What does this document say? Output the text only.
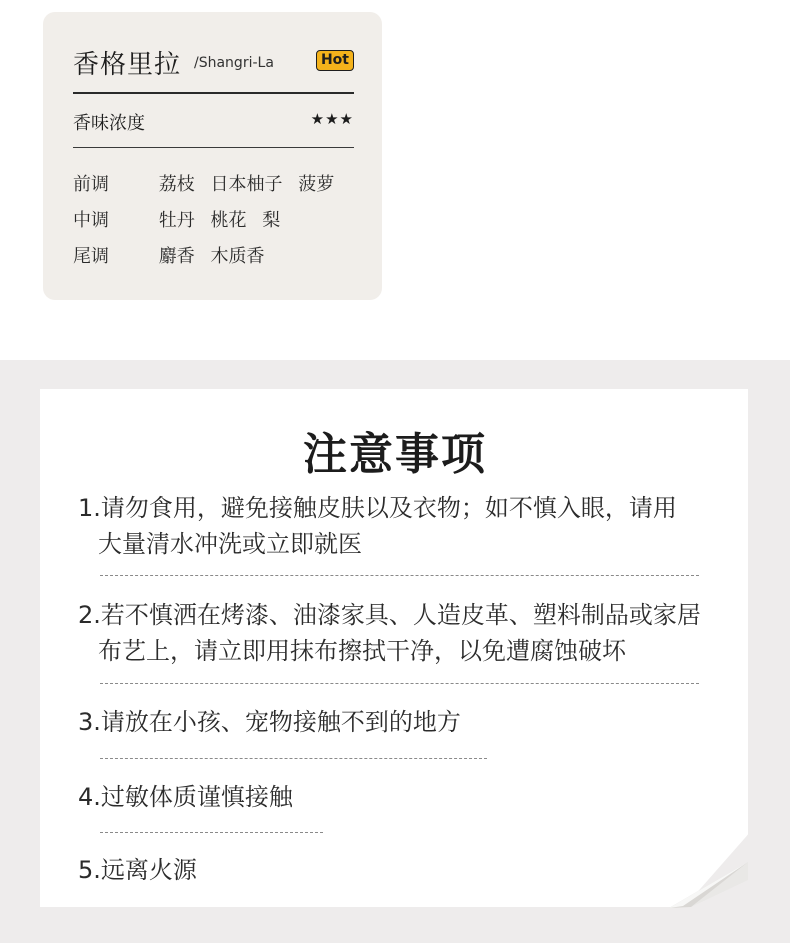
香格里拉 /Shangri-La	Hot
香味浓度	★★★
前调	荔枝 日本柚子 菠萝
中调	牡丹 桃花 梨
尾调	麝香 木质香
注意事项
1.请勿食用，避免接触皮肤以及衣物；如不慎入眼，请用
大量清水冲洗或立即就医
2.若不慎洒在烤漆、油漆家具、人造皮革、塑料制品或家居
布艺上，请立即用抹布擦拭干净，以免遭腐蚀破坏
3.请放在小孩、宠物接触不到的地方
4.过敏体质谨慎接触
5.远离火源
